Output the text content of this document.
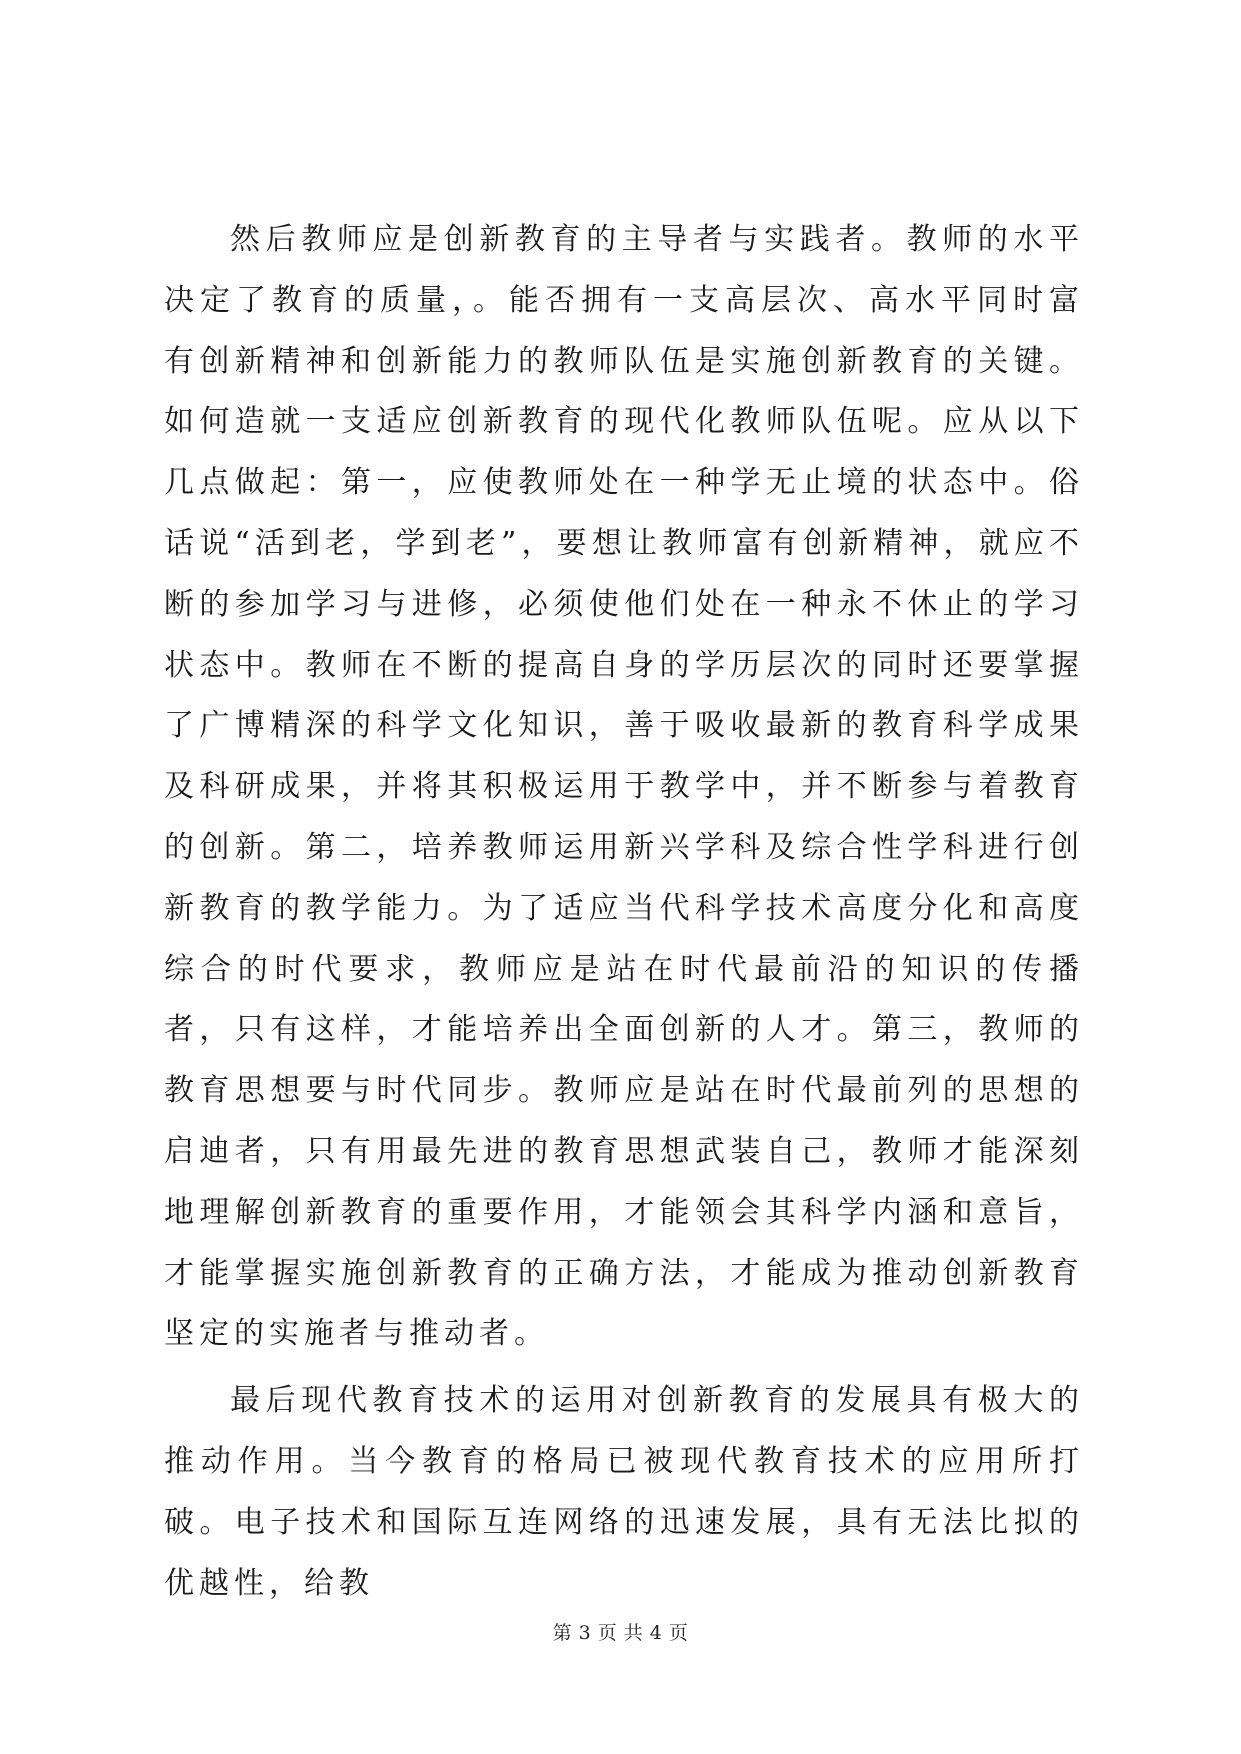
然后教师应是创新教育的主导者与实践者。教师的水平决定了教育的质量，。能否拥有一支高层次、高水平同时富有创新精神和创新能力的教师队伍是实施创新教育的关键。如何造就一支适应创新教育的现代化教师队伍呢。应从以下几点做起：第一，应使教师处在一种学无止境的状态中。俗话说“活到老，学到老”，要想让教师富有创新精神，就应不断的参加学习与进修，必须使他们处在一种永不休止的学习状态中。教师在不断的提高自身的学历层次的同时还要掌握了广博精深的科学文化知识，善于吸收最新的教育科学成果及科研成果，并将其积极运用于教学中，并不断参与着教育的创新。第二，培养教师运用新兴学科及综合性学科进行创新教育的教学能力。为了适应当代科学技术高度分化和高度综合的时代要求，教师应是站在时代最前沿的知识的传播者，只有这样，才能培养出全面创新的人才。第三，教师的教育思想要与时代同步。教师应是站在时代最前列的思想的启迪者，只有用最先进的教育思想武装自己，教师才能深刻地理解创新教育的重要作用，才能领会其科学内涵和意旨，才能掌握实施创新教育的正确方法，才能成为推动创新教育坚定的实施者与推动者。

最后现代教育技术的运用对创新教育的发展具有极大的推动作用。当今教育的格局已被现代教育技术的应用所打破。电子技术和国际互连网络的迅速发展，具有无法比拟的优越性，给教

第 3 页 共 4 页
